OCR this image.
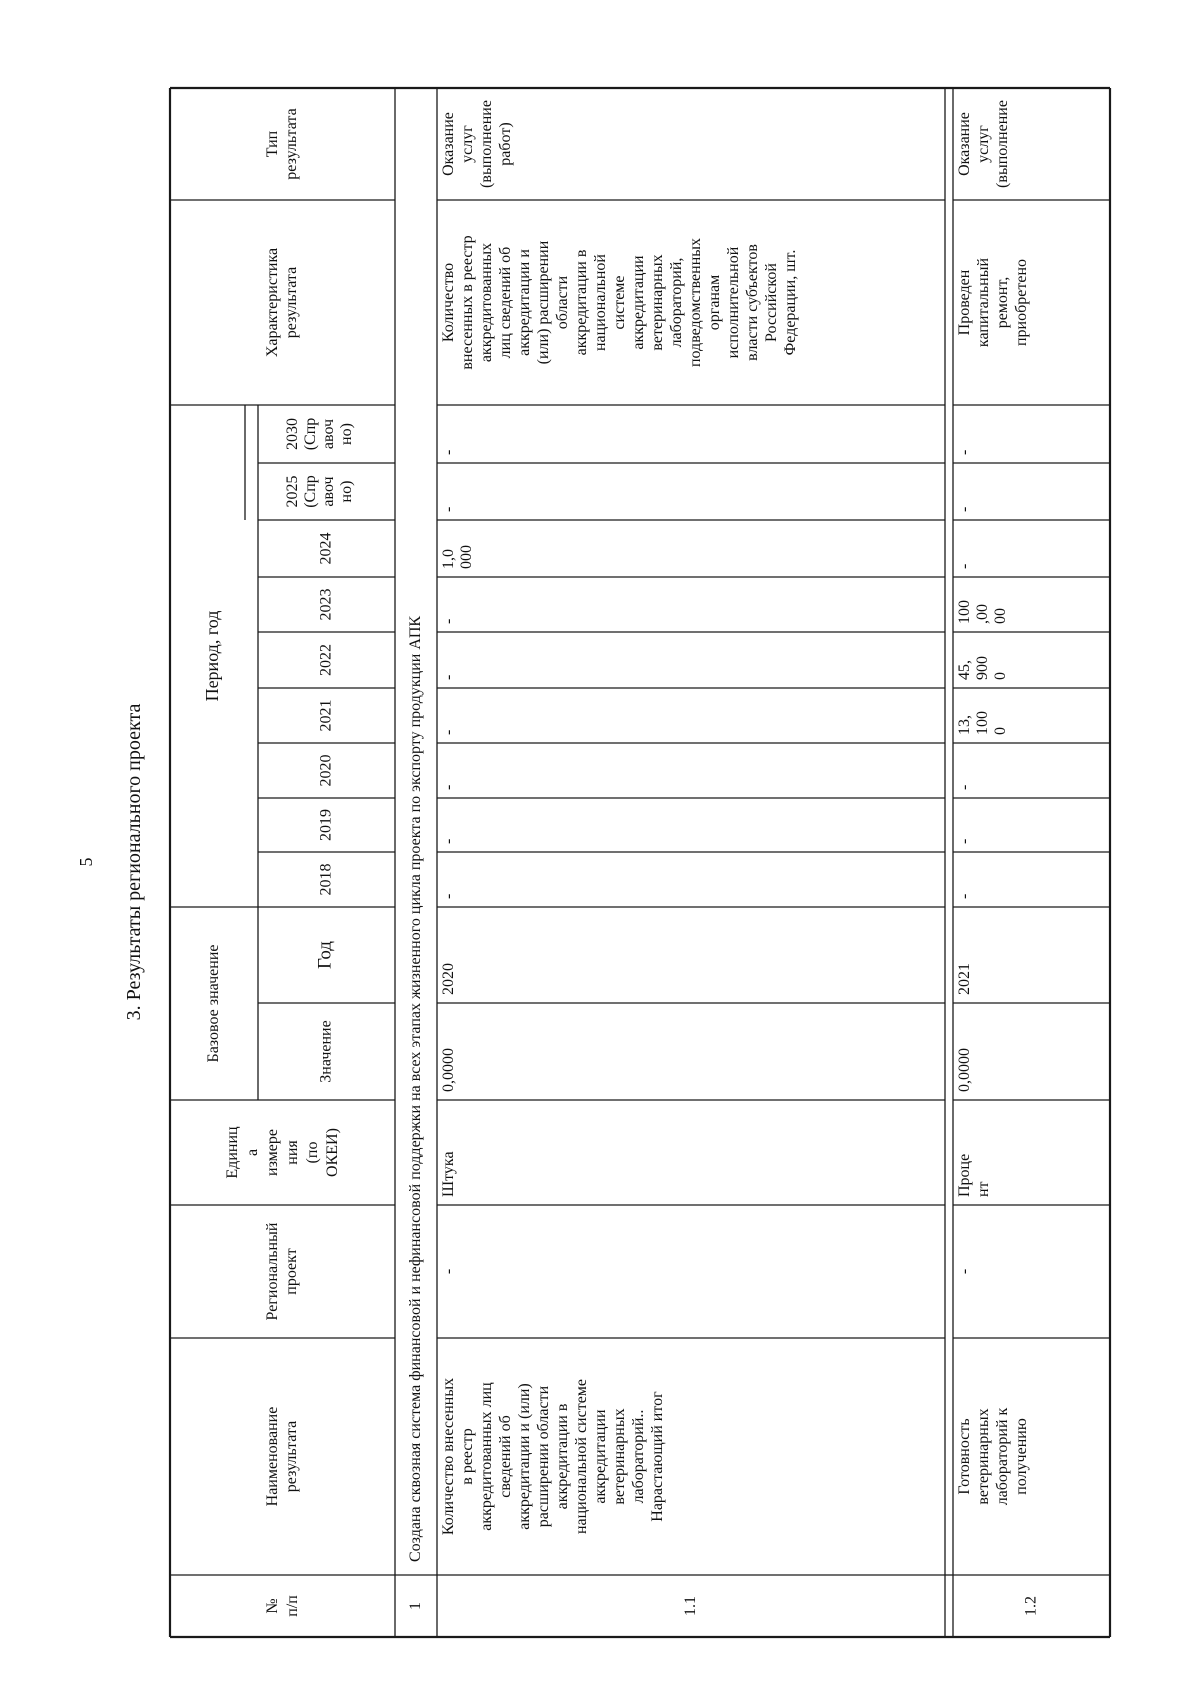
5 3. Результаты регионального проекта
№ п/п
Наименование результата
Региональный проект
Единиц а измере ния (по ОКЕИ)
Базовое значение	Значение
Год
Период, год
2018
2019
2020
2021
2022
2023
2024
2025 (Спр авоч но)
2030 (Спр авоч но)
Характеристика результата
Тип результата
1
Создана сквозная система финансовой и нефинансовой поддержки на всех этапах жизненного цикла проекта по экспорту продукции АПК
1.1
Количество внесенных в реестр аккредитованных лиц сведений об аккредитации и (или) расширении области аккредитации в национальной системе аккредитации ветеринарных лабораторий.. Нарастающий итог
-
Штука
0,0000
2020
-
-
-
-
-
-
1,0 000
-
-
Количество внесенных в реестр аккредитованных лиц сведений об аккредитации и (или) расширении области аккредитации в национальной системе аккредитации ветеринарных лабораторий, подведомственных органам исполнительной власти субъектов Российской Федерации, шт.
Оказание услуг (выполнение работ)
1.2
Готовность ветеринарных лабораторий к получению
-
Проце нт
0,0000
2021
-
-
-
13, 100 0
45, 900 0
100 ,00 00
-
-
-
Проведен капитальный ремонт, приобретено
Оказание услуг (выполнение
